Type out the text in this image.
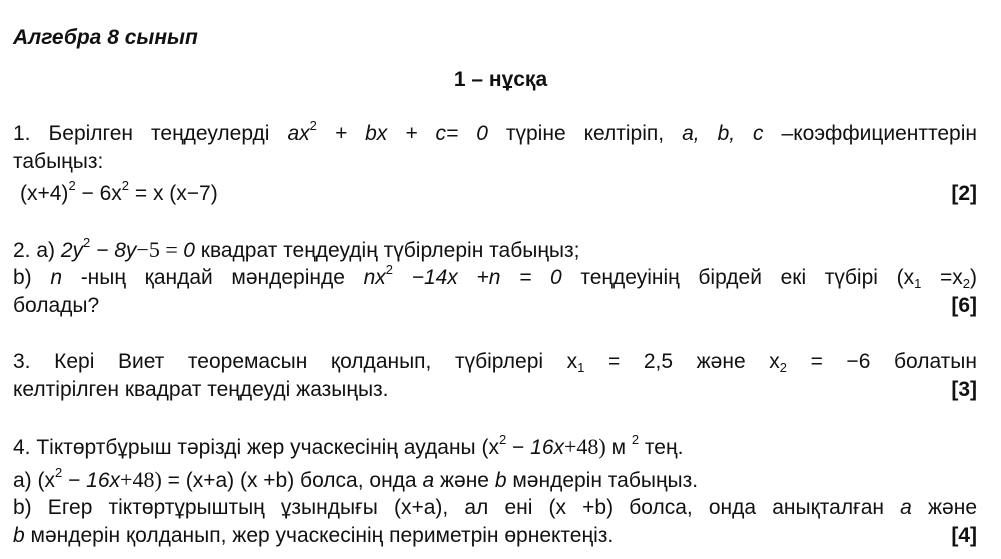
Алгебра 8 сынып
1 – нұсқа
1. Берілген теңдеулерді $ax^2$ + bx + c= 0 түріне келтіріп, a, b, c –коэффициенттерін
табыңыз:
$(x+4)^2 - 6x^2 = x$ (x−7)	[2]
2. a) $2y^2 - 8y-5 = 0$ квадрат теңдеудің түбірлерін табыңыз;
b) n -ның қандай мәндерінде $nx^2 -14x +n = 0$ теңдеуінің бірдей екі түбірі $(x_1 =x_2)$
болады?	[6]
3. Кері Виет теоремасын қолданып, түбірлері $x_1 = 2,5$ және $x_2 = -6$ болатын
келтірілген квадрат теңдеуді жазыңыз.	[3]
4. Тіктөртбұрыш тәрізді жер учаскесінің ауданы $(x^2 - 16x+48)$ м $^2$ тең.
a) $(x^2 - 16x+48) = (x+a)$ (x +b) болса, онда a және b мәндерін табыңыз.
b) Егер тіктөртұрыштың ұзындығы (x+a), ал ені (x +b) болса, онда анықталған a және
b мәндерін қолданып, жер учаскесінің периметрін өрнектеңіз.	[4]
